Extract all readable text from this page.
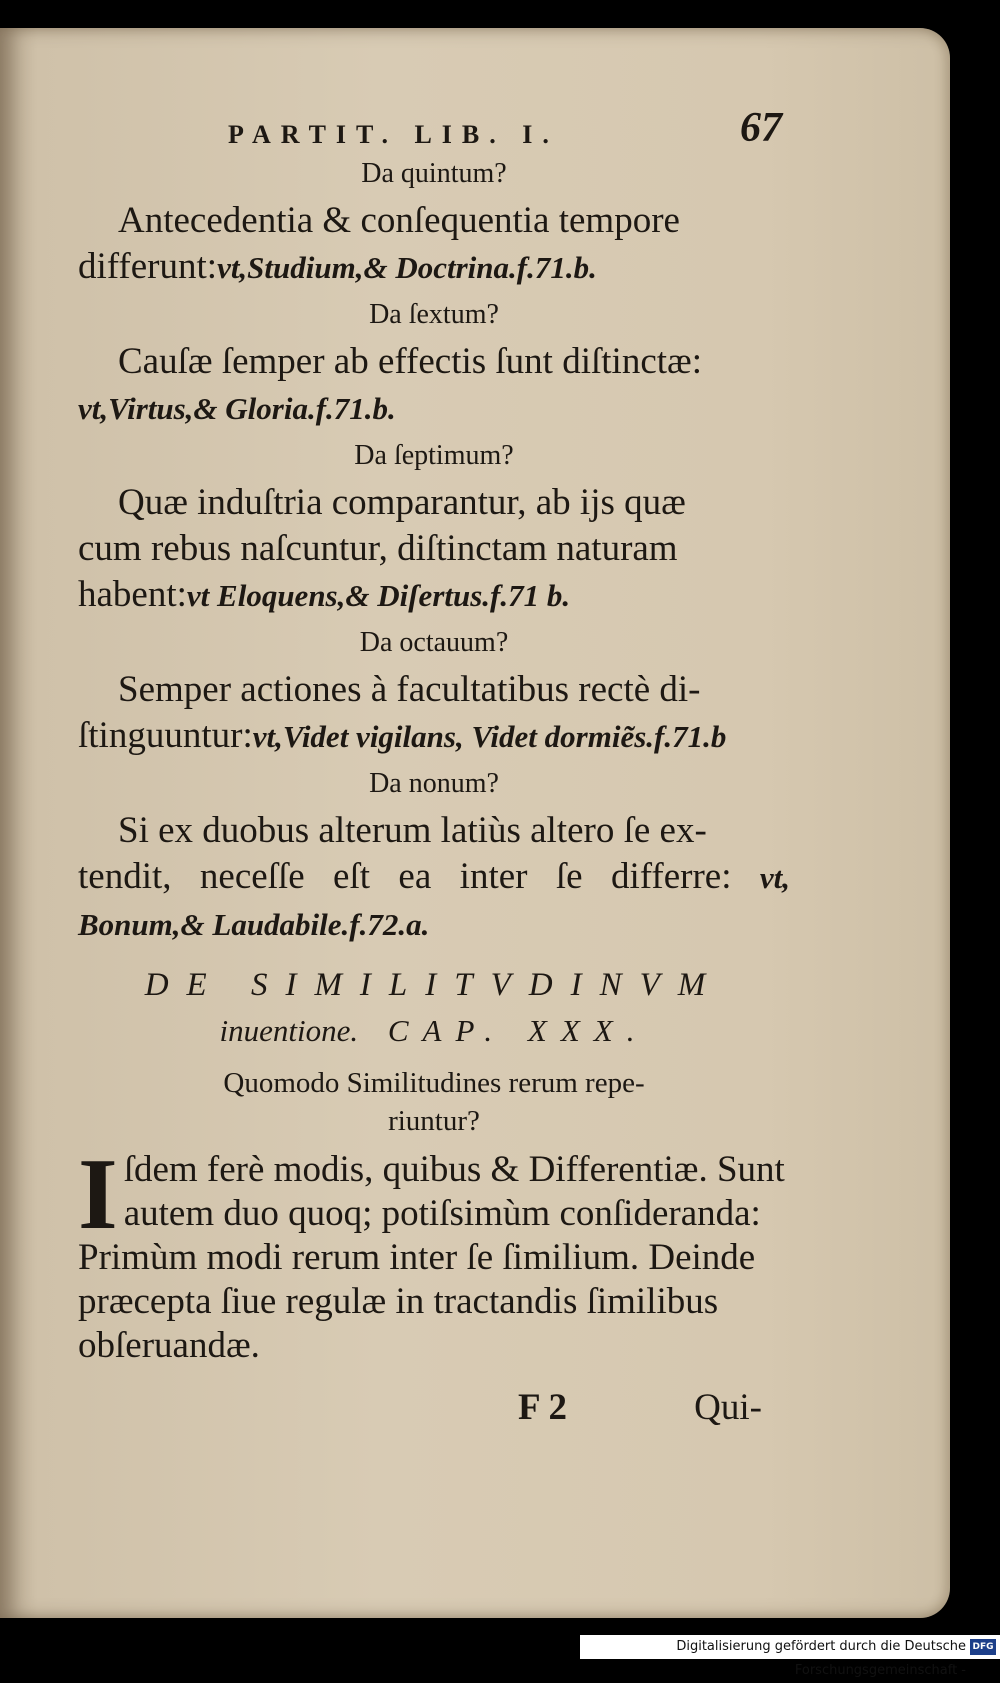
PARTIT. LIB. I.	67
Da quintum?
Antecedentia & conſequentia tempore
differunt:vt,Studium,& Doctrina.f.71.b.
Da ſextum?
Cauſæ ſemper ab effectis ſunt diſtinctæ:
vt,Virtus,& Gloria.f.71.b.
Da ſeptimum?
Quæ induſtria comparantur, ab ijs quæ
cum rebus naſcuntur, diſtinctam naturam
habent:vt Eloquens,& Diſertus.f.71 b.
Da octauum?
Semper actiones à facultatibus rectè di-
ſtinguuntur:vt,Videt vigilans, Videt dormiẽs.f.71.b
Da nonum?
Si ex duobus alterum latiùs altero ſe ex-
tendit, neceſſe eſt ea inter ſe differre: vt, Bonum,& Laudabile.f.72.a.
DE SIMILITVDINVM
inuentione. CAP. XXX.
Quomodo Similitudines rerum repe-
riuntur?
I ſdem ferè modis, quibus & Differentiæ. Sunt autem duo quoq; potiſsimùm conſideranda: Primùm modi rerum inter ſe ſimilium. Deinde præcepta ſiue regulæ in tractandis ſimilibus obſeruandæ.
F 2	Qui-
Digitalisierung gefördert durch die Deutsche Forschungsgemeinschaft -
DFG
